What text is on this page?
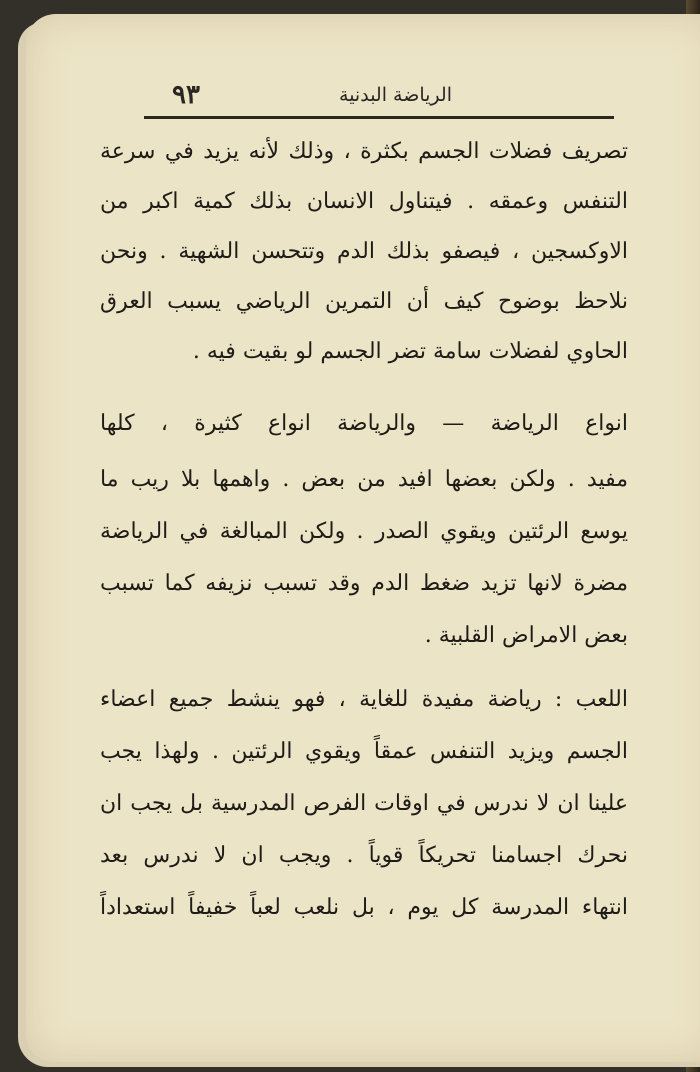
الرياضة البدنية
٩٣
تصريف فضلات الجسم بكثرة ، وذلك لأنه يزيد في سرعة
التنفس وعمقه . فيتناول الانسان بذلك كمية اكبر من
الاوكسجين ، فيصفو بذلك الدم وتتحسن الشهية . ونحن
نلاحظ بوضوح كيف أن التمرين الرياضي يسبب العرق
الحاوي لفضلات سامة تضر الجسم لو بقيت فيه .
انواع الرياضة — والرياضة انواع كثيرة ، كلها
مفيد . ولكن بعضها افيد من بعض . واهمها بلا ريب ما
يوسع الرئتين ويقوي الصدر . ولكن المبالغة في الرياضة
مضرة لانها تزيد ضغط الدم وقد تسبب نزيفه كما تسبب
بعض الامراض القلبية .
اللعب : رياضة مفيدة للغاية ، فهو ينشط جميع اعضاء
الجسم ويزيد التنفس عمقاً ويقوي الرئتين . ولهذا يجب
علينا ان لا ندرس في اوقات الفرص المدرسية بل يجب ان
نحرك اجسامنا تحريكاً قوياً . ويجب ان لا ندرس بعد
انتهاء المدرسة كل يوم ، بل نلعب لعباً خفيفاً استعداداً
